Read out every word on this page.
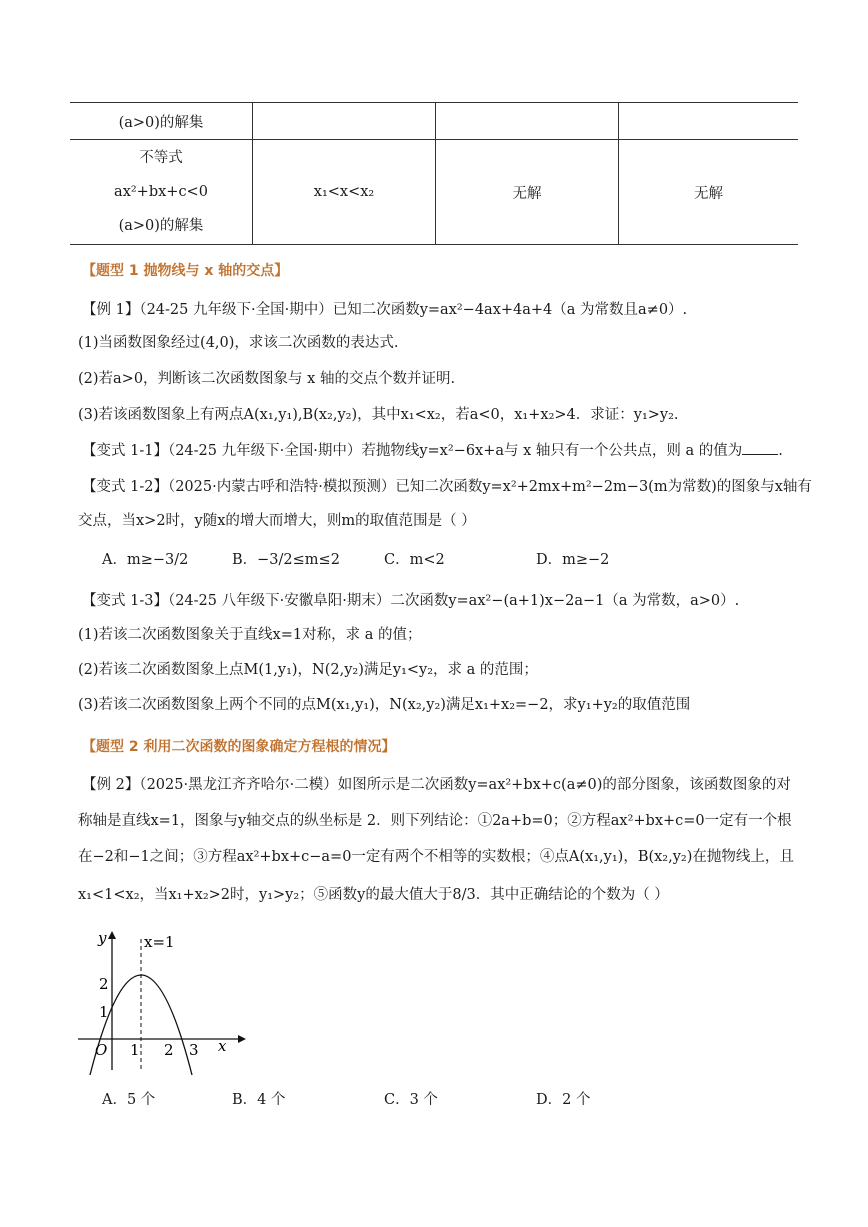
(a>0)的解集			

不等式
ax²+bx+c<0
(a>0)的解集	x₁<x<x₂	无解	无解
【题型 1 抛物线与 x 轴的交点】
【例 1】（24-25 九年级下·全国·期中）已知二次函数y=ax²−4ax+4a+4（a 为常数且a≠0）.
(1)当函数图象经过(4,0)，求该二次函数的表达式.
(2)若a>0，判断该二次函数图象与 x 轴的交点个数并证明.
(3)若该函数图象上有两点A(x₁,y₁),B(x₂,y₂)，其中x₁<x₂，若a<0，x₁+x₂>4．求证：y₁>y₂.
【变式 1-1】（24-25 九年级下·全国·期中）若抛物线y=x²−6x+a与 x 轴只有一个公共点，则 a 的值为 .
【变式 1-2】（2025·内蒙古呼和浩特·模拟预测）已知二次函数y=x²+2mx+m²−2m−3(m为常数)的图象与x轴有
交点，当x>2时，y随x的增大而增大，则m的取值范围是（ ）
A．m≥−3/2	B．−3/2≤m≤2	C．m<2	D．m≥−2
【变式 1-3】（24-25 八年级下·安徽阜阳·期末）二次函数y=ax²−(a+1)x−2a−1（a 为常数，a>0）.
(1)若该二次函数图象关于直线x=1对称，求 a 的值；
(2)若该二次函数图象上点M(1,y₁)，N(2,y₂)满足y₁<y₂，求 a 的范围；
(3)若该二次函数图象上两个不同的点M(x₁,y₁)，N(x₂,y₂)满足x₁+x₂=−2，求y₁+y₂的取值范围
【题型 2 利用二次函数的图象确定方程根的情况】
【例 2】（2025·黑龙江齐齐哈尔·二模）如图所示是二次函数y=ax²+bx+c(a≠0)的部分图象，该函数图象的对
称轴是直线x=1，图象与y轴交点的纵坐标是 2．则下列结论：①2a+b=0；②方程ax²+bx+c=0一定有一个根
在−2和−1之间；③方程ax²+bx+c−a=0一定有两个不相等的实数根；④点A(x₁,y₁)，B(x₂,y₂)在抛物线上，且
x₁<1<x₂，当x₁+x₂>2时，y₁>y₂；⑤函数y的最大值大于8/3．其中正确结论的个数为（ ）
y
x
O
x=1
1 2 3
2
1
A．5 个	B．4 个	C．3 个	D．2 个
